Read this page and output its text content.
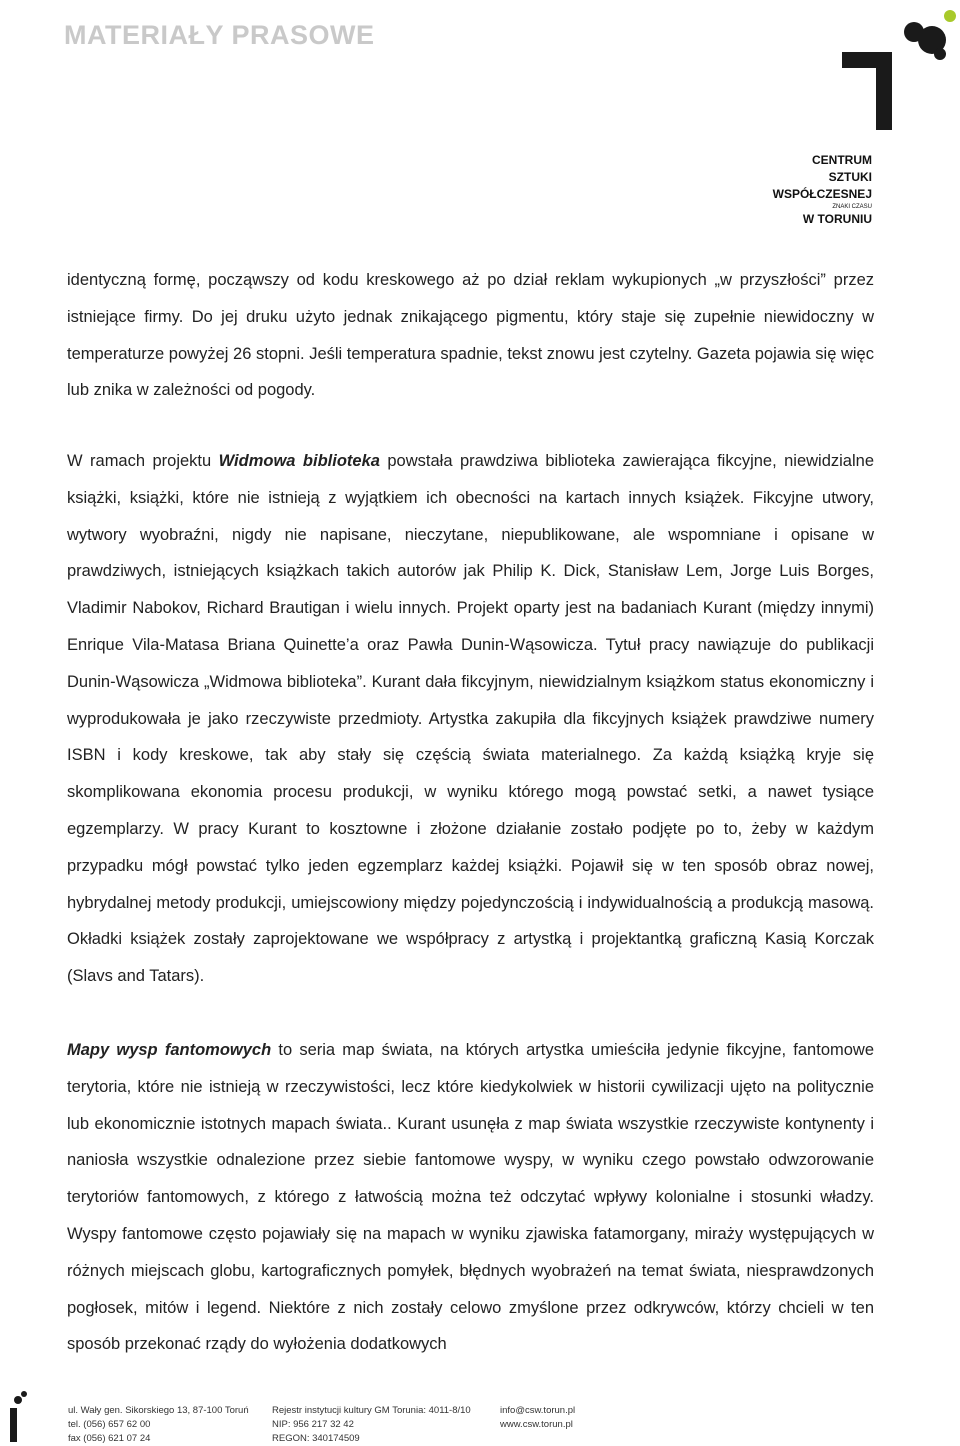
MATERIAŁY PRASOWE
CENTRUM
SZTUKI
WSPÓŁCZESNEJ
ZNAKI CZASU
W TORUNIU
identyczną formę, począwszy od kodu kreskowego aż po dział reklam wykupionych „w przyszłości” przez istniejące firmy. Do jej druku użyto jednak znikającego pigmentu, który staje się zupełnie niewidoczny w temperaturze powyżej 26 stopni. Jeśli temperatura spadnie, tekst znowu jest czytelny. Gazeta pojawia się więc lub znika w zależności od pogody.
W ramach projektu Widmowa biblioteka powstała prawdziwa biblioteka zawierająca fikcyjne, niewidzialne książki, książki, które nie istnieją z wyjątkiem ich obecności na kartach innych książek. Fikcyjne utwory, wytwory wyobraźni, nigdy nie napisane, nieczytane, niepublikowane, ale wspomniane i opisane w prawdziwych, istniejących książkach takich autorów jak Philip K. Dick, Stanisław Lem, Jorge Luis Borges, Vladimir Nabokov, Richard Brautigan i wielu innych. Projekt oparty jest na badaniach Kurant (między innymi) Enrique Vila-Matasa Briana Quinette’a oraz Pawła Dunin-Wąsowicza. Tytuł pracy nawiązuje do publikacji Dunin-Wąsowicza „Widmowa biblioteka”. Kurant dała fikcyjnym, niewidzialnym książkom status ekonomiczny i wyprodukowała je jako rzeczywiste przedmioty. Artystka zakupiła dla fikcyjnych książek prawdziwe numery ISBN i kody kreskowe, tak aby stały się częścią świata materialnego. Za każdą książką kryje się skomplikowana ekonomia procesu produkcji, w wyniku którego mogą powstać setki, a nawet tysiące egzemplarzy. W pracy Kurant to kosztowne i złożone działanie zostało podjęte po to, żeby w każdym przypadku mógł powstać tylko jeden egzemplarz każdej książki. Pojawił się w ten sposób obraz nowej, hybrydalnej metody produkcji, umiejscowiony między pojedynczością i indywidualnością a produkcją masową. Okładki książek zostały zaprojektowane we współpracy z artystką i projektantką graficzną Kasią Korczak (Slavs and Tatars).
Mapy wysp fantomowych to seria map świata, na których artystka umieściła jedynie fikcyjne, fantomowe terytoria, które nie istnieją w rzeczywistości, lecz które kiedykolwiek w historii cywilizacji ujęto na politycznie lub ekonomicznie istotnych mapach świata.. Kurant usunęła z map świata wszystkie rzeczywiste kontynenty i naniosła wszystkie odnalezione przez siebie fantomowe wyspy, w wyniku czego powstało odwzorowanie terytoriów fantomowych, z którego z łatwością można też odczytać wpływy kolonialne i stosunki władzy. Wyspy fantomowe często pojawiały się na mapach w wyniku zjawiska fatamorgany, miraży występujących w różnych miejscach globu, kartograficznych pomyłek, błędnych wyobrażeń na temat świata, niesprawdzonych pogłosek, mitów i legend. Niektóre z nich zostały celowo zmyślone przez odkrywców, którzy chcieli w ten sposób przekonać rządy do wyłożenia dodatkowych
ul. Wały gen. Sikorskiego 13, 87-100 Toruń
tel. (056) 657 62 00
fax (056) 621 07 24
Rejestr instytucji kultury GM Torunia: 4011-8/10
NIP: 956 217 32 42
REGON: 340174509
info@csw.torun.pl
www.csw.torun.pl
